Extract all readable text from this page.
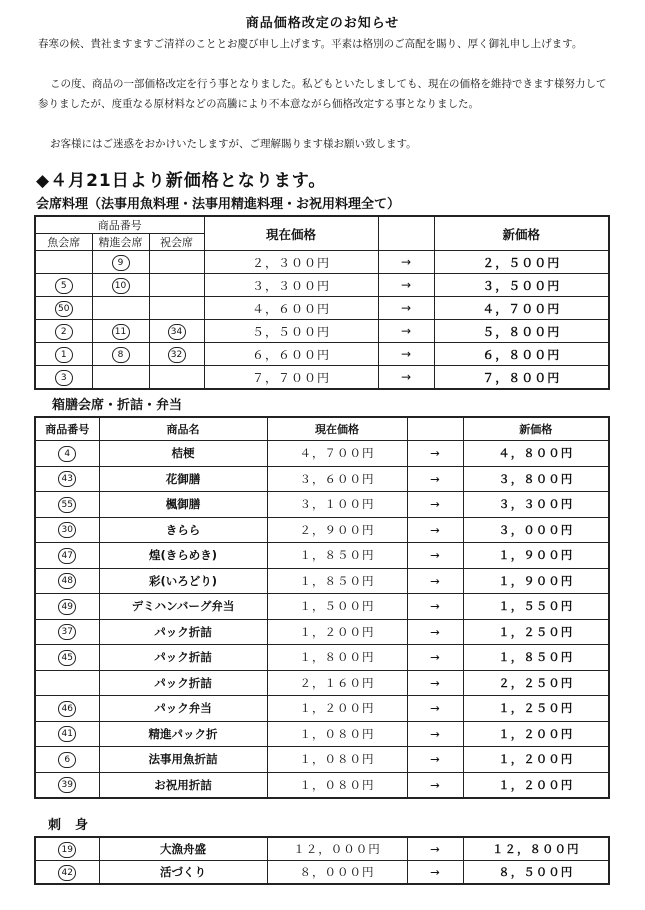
商品価格改定のお知らせ
春寒の候、貴社ますますご清祥のこととお慶び申し上げます。平素は格別のご高配を賜り、厚く御礼申し上げます。
この度、商品の一部価格改定を行う事となりました。私どもといたしましても、現在の価格を維持できます様努力して参りましたが、度重なる原材料などの高騰により不本意ながら価格改定する事となりました。
お客様にはご迷惑をおかけいたしますが、ご理解賜ります様お願い致します。
◆４月21日より新価格となります。
会席料理（法事用魚料理・法事用精進料理・お祝用料理全て）
商品番号			現在価格		新価格
魚会席	精進会席	祝会席			
	9		２，３００円	→	２，５００円
5	10		３，３００円	→	３，５００円
50			４，６００円	→	４，７００円
2	11	34	５，５００円	→	５，８００円
1	8	32	６，６００円	→	６，８００円
3			７，７００円	→	７，８００円
箱膳会席・折詰・弁当
商品番号	商品名	現在価格		新価格
4	桔梗	４，７００円	→	４，８００円
43	花御膳	３，６００円	→	３，８００円
55	楓御膳	３，１００円	→	３，３００円
30	きらら	２，９００円	→	３，０００円
47	煌(きらめき)	１，８５０円	→	１，９００円
48	彩(いろどり)	１，８５０円	→	１，９００円
49	デミハンバーグ弁当	１，５００円	→	１，５５０円
37	パック折詰	１，２００円	→	１，２５０円
45	パック折詰	１，８００円	→	１，８５０円
	パック折詰	２，１６０円	→	２，２５０円
46	パック弁当	１，２００円	→	１，２５０円
41	精進パック折	１，０８０円	→	１，２００円
6	法事用魚折詰	１，０８０円	→	１，２００円
39	お祝用折詰	１，０８０円	→	１，２００円
刺身
19	大漁舟盛	１２，０００円	→	１２，８００円
42	活づくり	８，０００円	→	８，５００円
